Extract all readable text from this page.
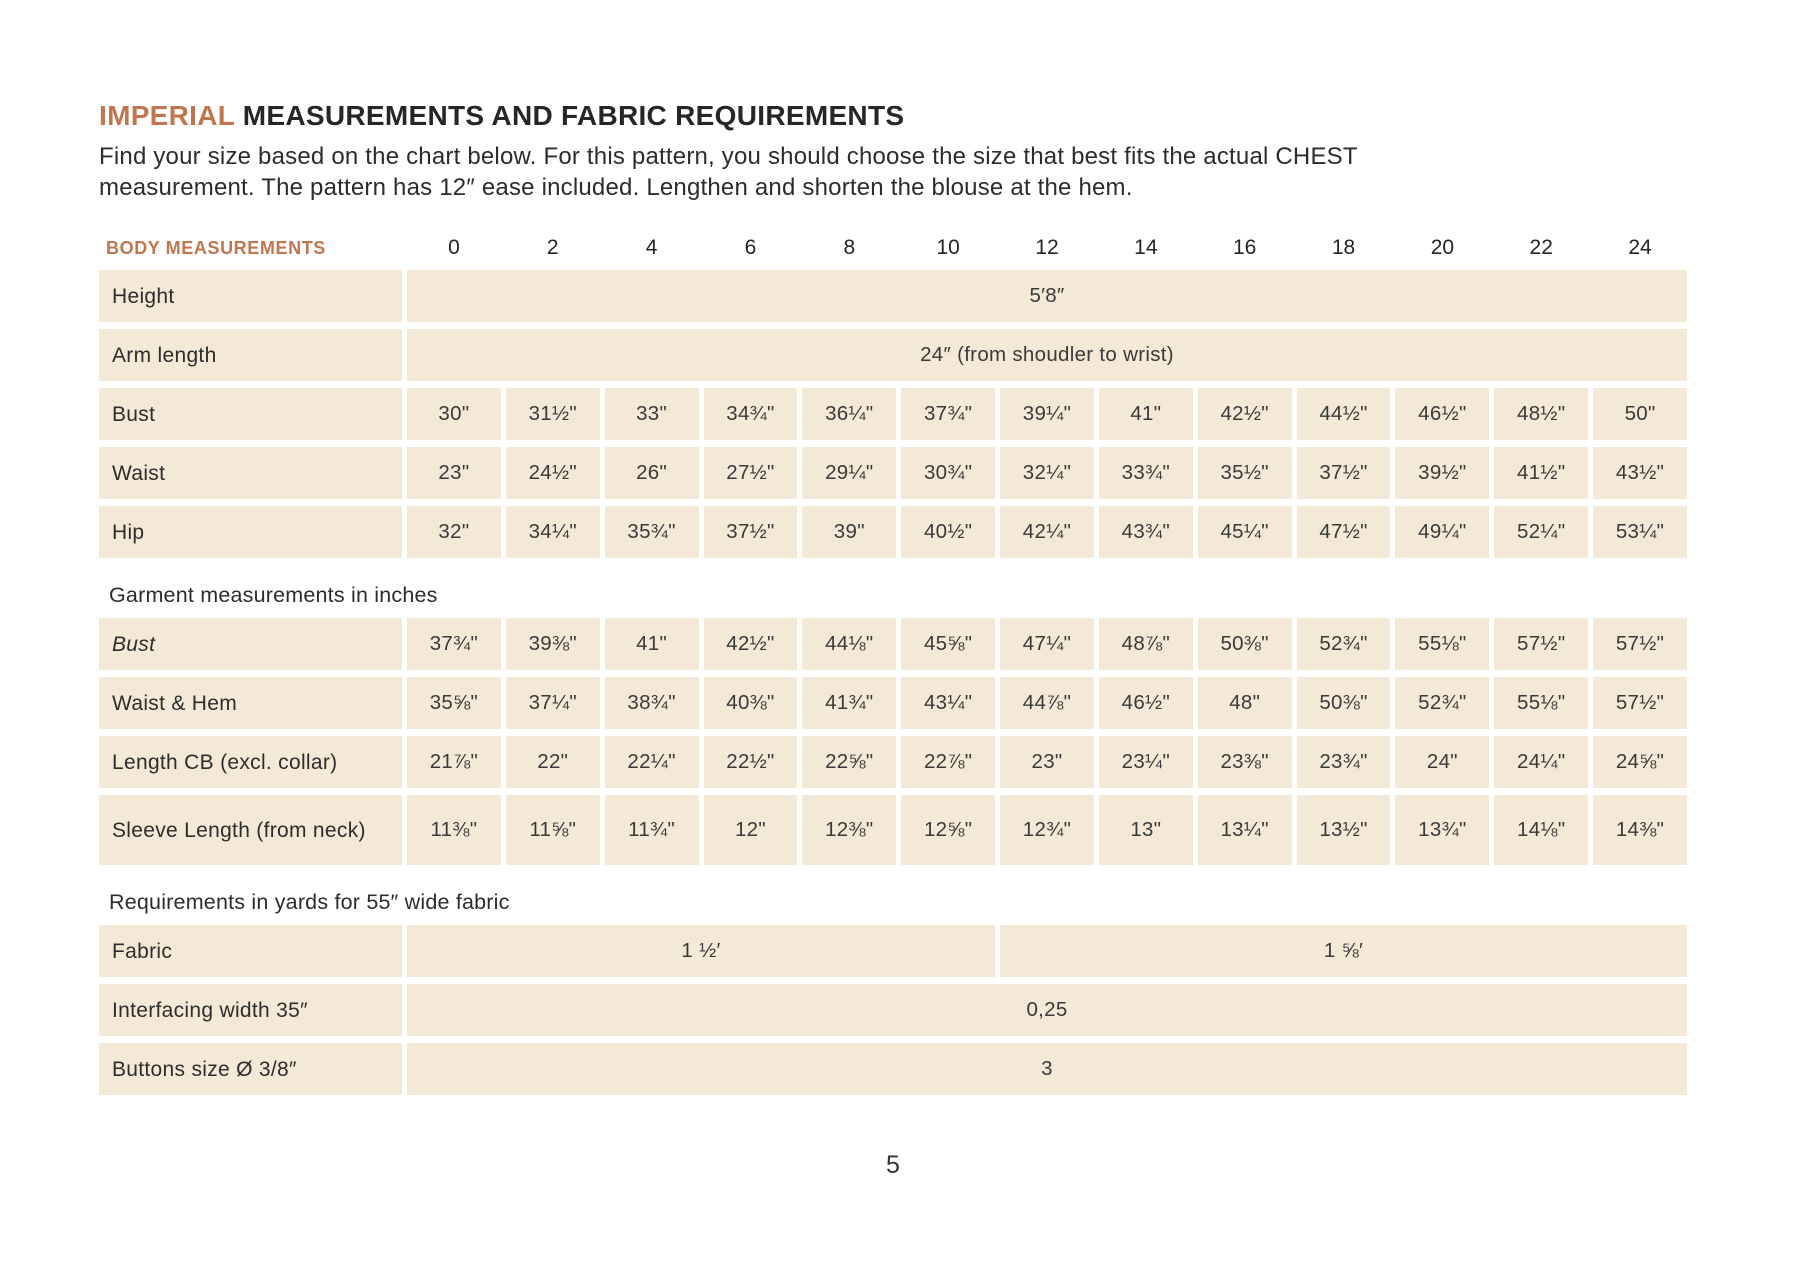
IMPERIAL MEASUREMENTS AND FABRIC REQUIREMENTS

Find your size based on the chart below. For this pattern, you should choose the size that best fits the actual CHEST measurement. The pattern has 12″ ease included. Lengthen and shorten the blouse at the hem.

BODY MEASUREMENTS	0	2	4	6	8	10	12	14	16	18	20	22	24
Height	5′8″
Arm length	24″ (from shoudler to wrist)
Bust	30"	31½"	33"	34¾"	36¼"	37¾"	39¼"	41"	42½"	44½"	46½"	48½"	50"
Waist	23"	24½"	26"	27½"	29¼"	30¾"	32¼"	33¾"	35½"	37½"	39½"	41½"	43½"
Hip	32"	34¼"	35¾"	37½"	39"	40½"	42¼"	43¾"	45¼"	47½"	49¼"	52¼"	53¼"
Garment measurements in inches
Bust	37¾"	39⅜"	41"	42½"	44⅛"	45⅝"	47¼"	48⅞"	50⅜"	52¾"	55⅛"	57½"	57½"
Waist & Hem	35⅝"	37¼"	38¾"	40⅜"	41¾"	43¼"	44⅞"	46½"	48"	50⅜"	52¾"	55⅛"	57½"
Length CB (excl. collar)	21⅞"	22"	22¼"	22½"	22⅝"	22⅞"	23"	23¼"	23⅜"	23¾"	24"	24¼"	24⅝"
Sleeve Length (from neck)	11⅜"	11⅝"	11¾"	12"	12⅜"	12⅝"	12¾"	13"	13¼"	13½"	13¾"	14⅛"	14⅜"
Requirements in yards for 55″ wide fabric
Fabric	1 ½′	1 ⅝′
Interfacing width 35″	0,25
Buttons size Ø 3/8″	3
5
